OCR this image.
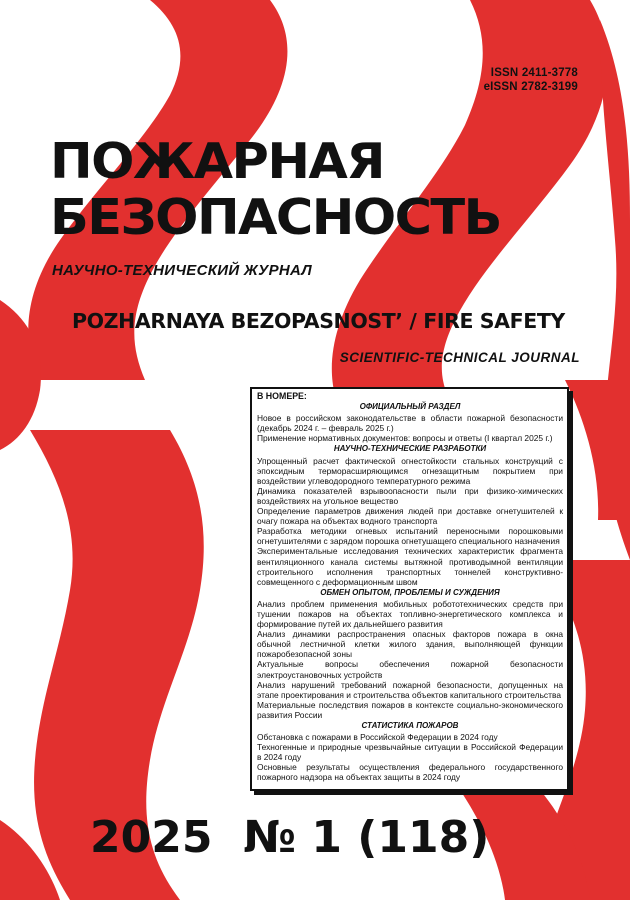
ISSN 2411-3778
eISSN 2782-3199
ПОЖАРНАЯ
БЕЗОПАСНОСТЬ
НАУЧНО-ТЕХНИЧЕСКИЙ ЖУРНАЛ
POZHARNAYA BEZOPASNOST’ / FIRE SAFETY
SCIENTIFIC-TECHNICAL JOURNAL
В НОМЕРЕ:
ОФИЦИАЛЬНЫЙ РАЗДЕЛ
Новое в российском законодательстве в области пожарной безопасности (декабрь 2024 г. – февраль 2025 г.)
Применение нормативных документов: вопросы и ответы (I квартал 2025 г.)
НАУЧНО-ТЕХНИЧЕСКИЕ РАЗРАБОТКИ
Упрощенный расчет фактической огнестойкости стальных конструкций с эпоксидным терморасширяющимся огнезащитным покрытием при воздействии углеводородного температурного режима
Динамика показателей взрывоопасности пыли при физико-химических воздействиях на угольное вещество
Определение параметров движения людей при доставке огнетушителей к очагу пожара на объектах водного транспорта
Разработка методики огневых испытаний переносными порошковыми огнетушителями с зарядом порошка огнетушащего специального назначения
Экспериментальные исследования технических характеристик фрагмента вентиляционного канала системы вытяжной противодымной вентиляции строительного исполнения транспортных тоннелей конструктивно-совмещенного с деформационным швом
ОБМЕН ОПЫТОМ, ПРОБЛЕМЫ И СУЖДЕНИЯ
Анализ проблем применения мобильных робототехнических средств при тушении пожаров на объектах топливно-энергетического комплекса и формирование путей их дальнейшего развития
Анализ динамики распространения опасных факторов пожара в окна обычной лестничной клетки жилого здания, выполняющей функции пожаробезопасной зоны
Актуальные вопросы обеспечения пожарной безопасности электроустановочных устройств
Анализ нарушений требований пожарной безопасности, допущенных на этапе проектирования и строительства объектов капитального строительства
Материальные последствия пожаров в контексте социально-экономического развития России
СТАТИСТИКА ПОЖАРОВ
Обстановка с пожарами в Российской Федерации в 2024 году
Техногенные и природные чрезвычайные ситуации в Российской Федерации в 2024 году
Основные результаты осуществления федерального государственного пожарного надзора на объектах защиты в 2024 году
2025  № 1 (118)
